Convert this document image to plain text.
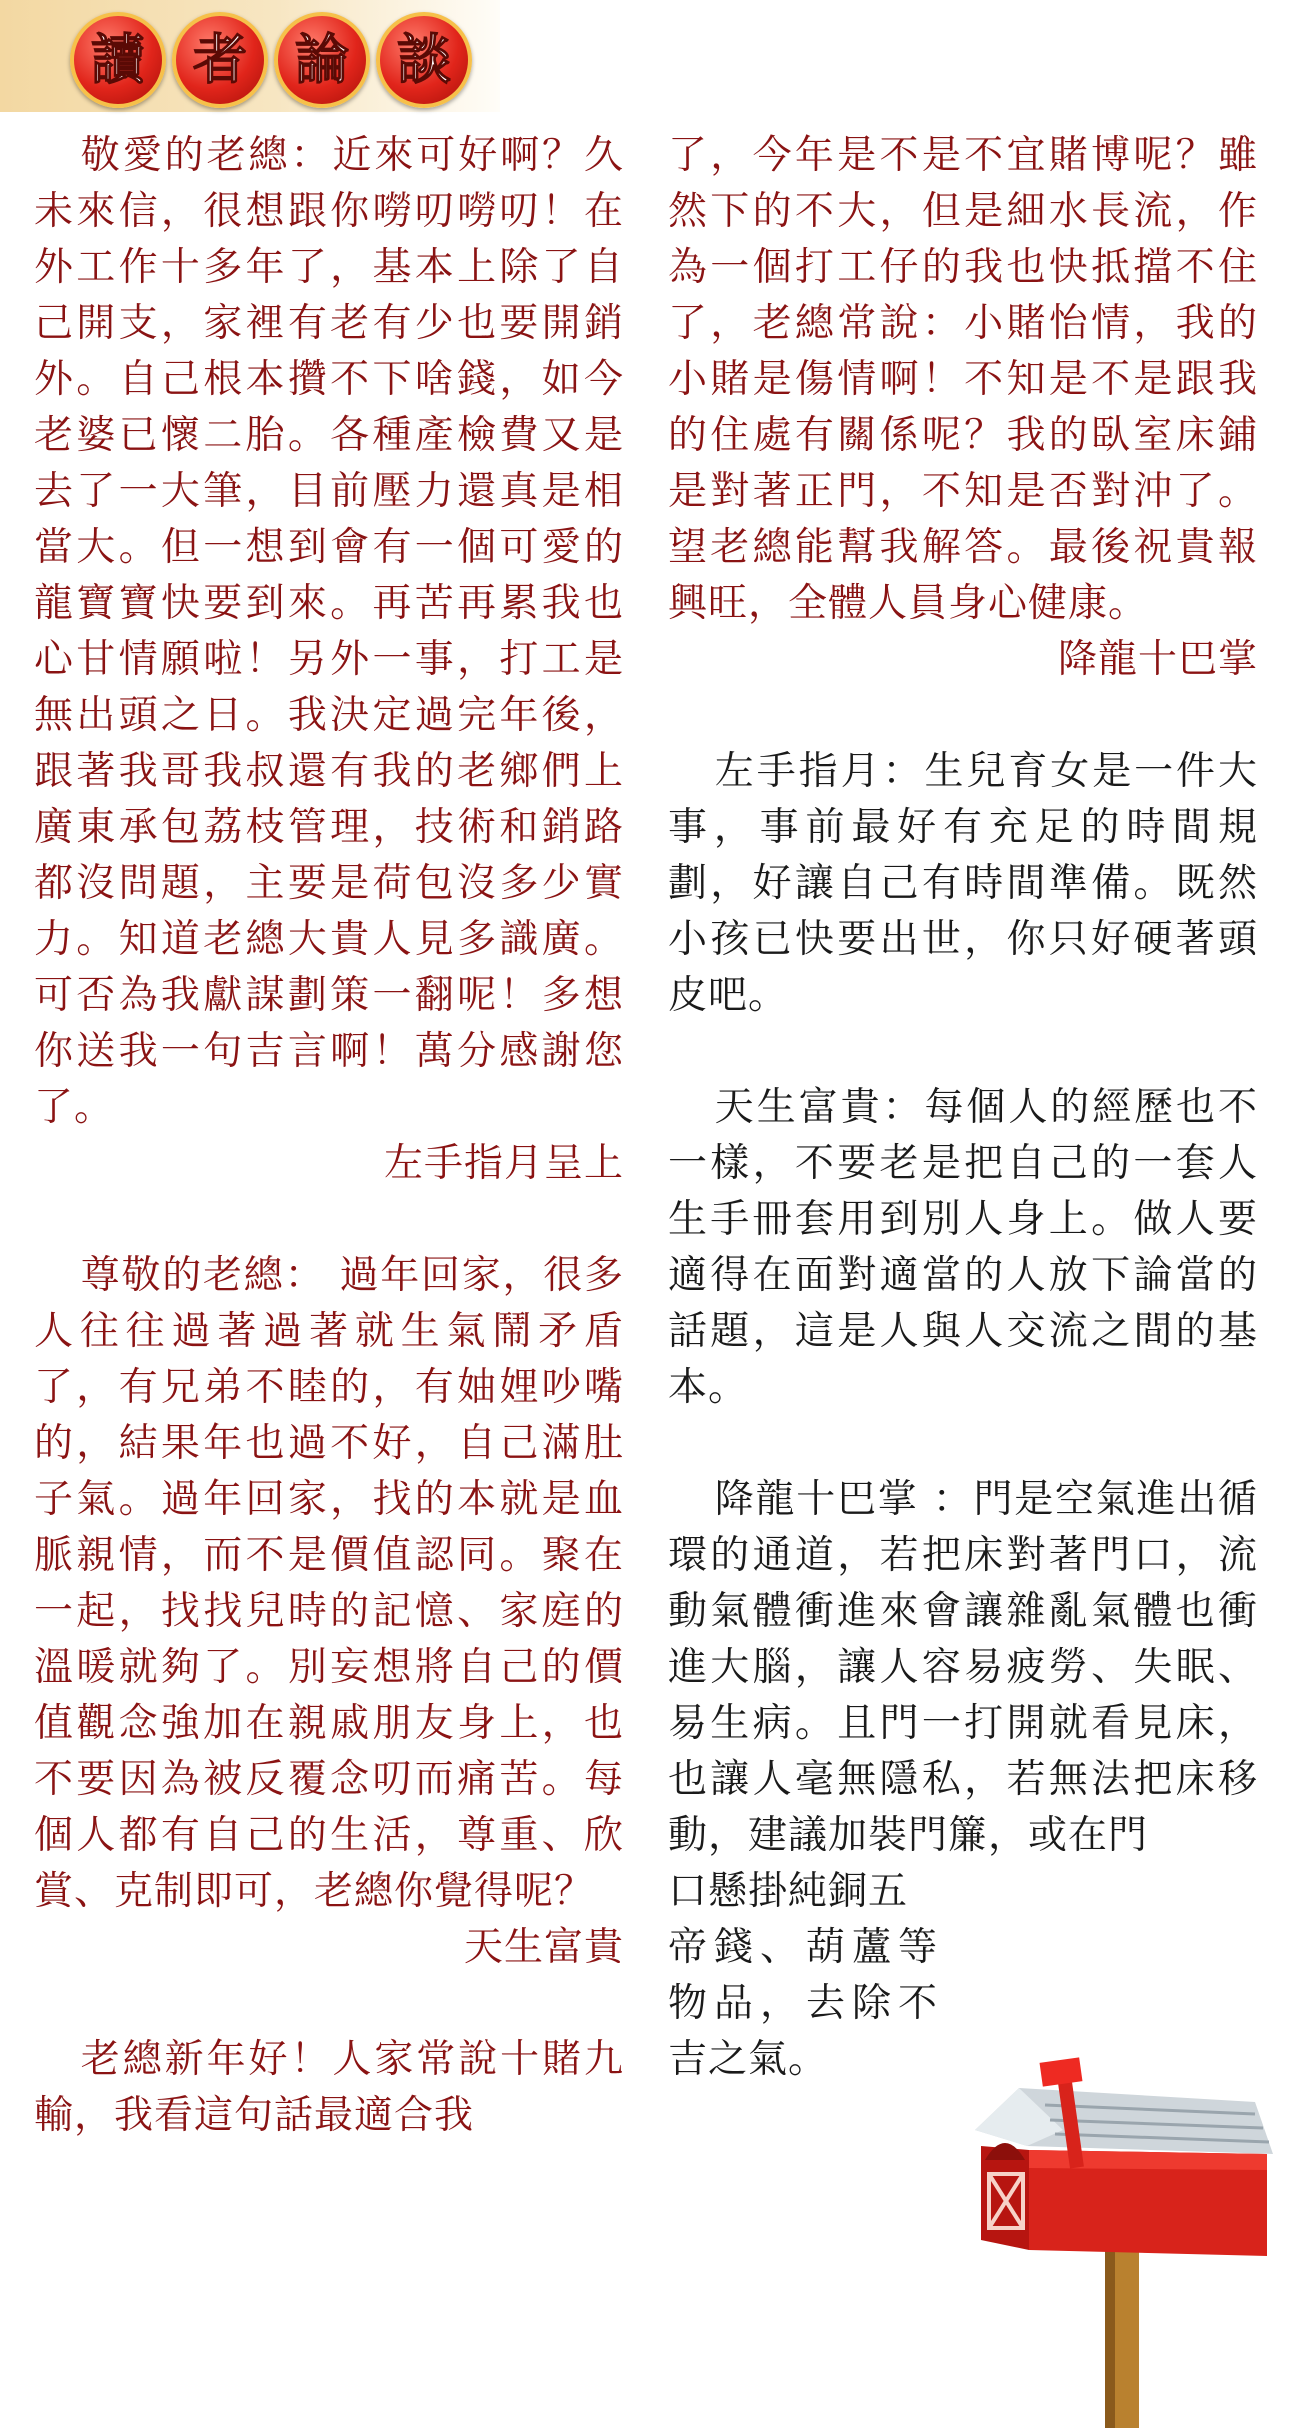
讀 者 論 談

敬愛的老總：近來可好啊？久未來信，很想跟你嘮叨嘮叨！在外工作十多年了，基本上除了自己開支，家裡有老有少也要開銷外。自己根本攢不下啥錢，如今老婆已懷二胎。各種產檢費又是去了一大筆，目前壓力還真是相當大。但一想到會有一個可愛的龍寶寶快要到來。再苦再累我也心甘情願啦！另外一事，打工是無出頭之日。我決定過完年後，跟著我哥我叔還有我的老鄉們上廣東承包荔枝管理，技術和銷路都沒問題，主要是荷包沒多少實力。知道老總大貴人見多識廣。可否為我獻謀劃策一翻呢！多想你送我一句吉言啊！萬分感謝您了。

左手指月呈上

尊敬的老總： 過年回家，很多人往往過著過著就生氣鬧矛盾了，有兄弟不睦的，有妯娌吵嘴的，結果年也過不好，自己滿肚子氣。過年回家，找的本就是血脈親情，而不是價值認同。聚在一起，找找兒時的記憶、家庭的溫暖就夠了。別妄想將自己的價值觀念強加在親戚朋友身上，也不要因為被反覆念叨而痛苦。每個人都有自己的生活，尊重、欣賞、克制即可，老總你覺得呢？

天生富貴

老總新年好！人家常說十賭九輸，我看這句話最適合我

了，今年是不是不宜賭博呢？雖然下的不大，但是細水長流，作為一個打工仔的我也快抵擋不住了，老總常說：小賭怡情，我的小賭是傷情啊！不知是不是跟我的住處有關係呢？我的臥室床鋪是對著正門，不知是否對沖了。望老總能幫我解答。最後祝貴報興旺，全體人員身心健康。

降龍十巴掌

左手指月：生兒育女是一件大事，事前最好有充足的時間規劃，好讓自己有時間準備。既然小孩已快要出世，你只好硬著頭皮吧。

天生富貴：每個人的經歷也不一樣，不要老是把自己的一套人生手冊套用到別人身上。做人要適得在面對適當的人放下論當的話題，這是人與人交流之間的基本。

降龍十巴掌 ：門是空氣進出循環的通道，若把床對著門口，流動氣體衝進來會讓雜亂氣體也衝進大腦，讓人容易疲勞、失眠、易生病。且門一打開就看見床，也讓人毫無隱私，若無法把床移動，建議加裝門簾，或在門

口懸掛純銅五

帝錢、葫蘆等物品，去除不吉之氣。
